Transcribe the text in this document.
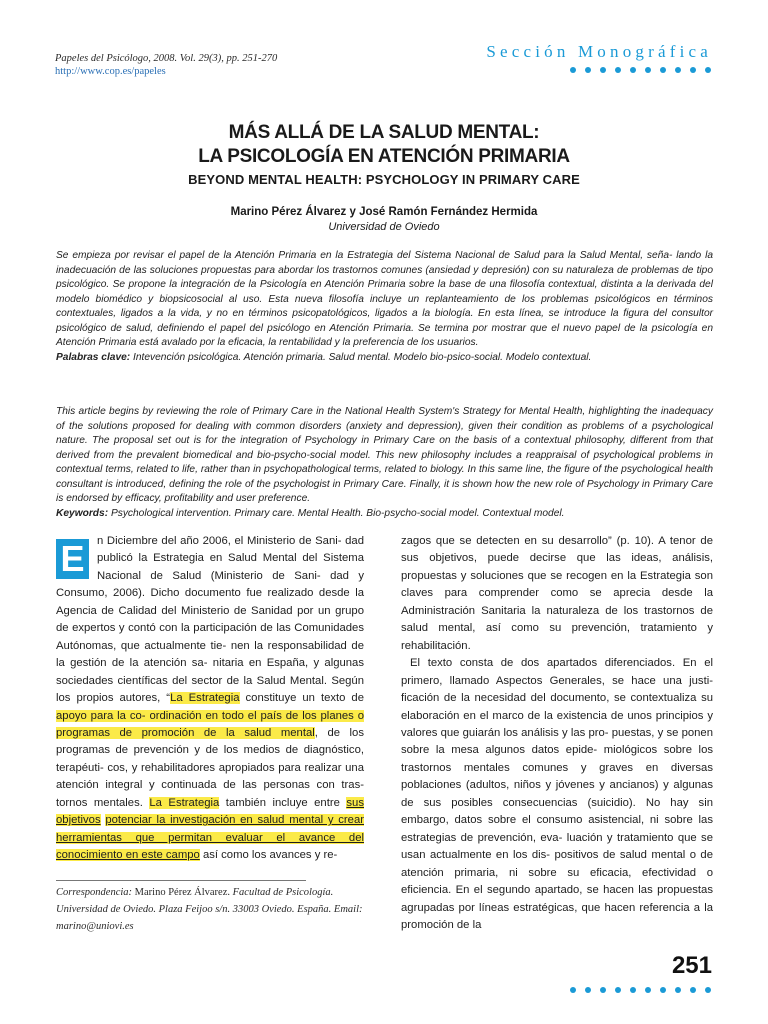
Papeles del Psicólogo, 2008. Vol. 29(3), pp. 251-270
http://www.cop.es/papeles
Sección Monográfica
MÁS ALLÁ DE LA SALUD MENTAL:
LA PSICOLOGÍA EN ATENCIÓN PRIMARIA
BEYOND MENTAL HEALTH: PSYCHOLOGY IN PRIMARY CARE
Marino Pérez Álvarez y José Ramón Fernández Hermida
Universidad de Oviedo
Se empieza por revisar el papel de la Atención Primaria en la Estrategia del Sistema Nacional de Salud para la Salud Mental, seña- lando la inadecuación de las soluciones propuestas para abordar los trastornos comunes (ansiedad y depresión) con su naturaleza de problemas de tipo psicológico. Se propone la integración de la Psicología en Atención Primaria sobre la base de una filosofía contextual, distinta a la derivada del modelo biomédico y biopsicosocial al uso. Esta nueva filosofía incluye un replanteamiento de los problemas psicológicos en términos contextuales, ligados a la vida, y no en términos psicopatológicos, ligados a la biología. En esta línea, se introduce la figura del consultor psicológico de salud, definiendo el papel del psicólogo en Atención Primaria. Se termina por mostrar que el nuevo papel de la psicología en Atención Primaria está avalado por la eficacia, la rentabilidad y la preferencia de los usuarios.
Palabras clave: Intevención psicológica. Atención primaria. Salud mental. Modelo bio-psico-social. Modelo contextual.
This article begins by reviewing the role of Primary Care in the National Health System's Strategy for Mental Health, highlighting the inadequacy of the solutions proposed for dealing with common disorders (anxiety and depression), given their condition as problems of a psychological nature. The proposal set out is for the integration of Psychology in Primary Care on the basis of a contextual philosophy, different from that derived from the prevalent biomedical and bio-psycho-social model. This new philosophy includes a reappraisal of psychological problems in contextual terms, related to life, rather than in psychopathological terms, related to biology. In this same line, the figure of the psychological health consultant is introduced, defining the role of the psychologist in Primary Care. Finally, it is shown how the new role of Psychology in Primary Care is endorsed by efficacy, profitability and user preference.
Keywords: Psychological intervention. Primary care. Mental Health. Bio-psycho-social model. Contextual model.
E	n Diciembre del año 2006, el Ministerio de Sani- dad publicó la Estrategia en Salud Mental del Sistema Nacional de Salud (Ministerio de Sani- dad y Consumo, 2006). Dicho documento fue realizado desde la Agencia de Calidad del Ministerio de Sanidad por un grupo de expertos y contó con la participación de las Comunidades Autónomas, que actualmente tie- nen la responsabilidad de la gestión de la atención sa- nitaria en España, y algunas sociedades científicas del sector de la Salud Mental. Según los propios autores, “La Estrategia constituye un texto de apoyo para la co- ordinación en todo el país de los planes o programas de promoción de la salud mental, de los programas de prevención y de los medios de diagnóstico, terapéuti- cos, y rehabilitadores apropiados para realizar una atención integral y continuada de las personas con tras- tornos mentales. La Estrategia también incluye entre sus objetivos potenciar la investigación en salud mental y crear herramientas que permitan evaluar el avance del conocimiento en este campo así como los avances y re-
zagos que se detecten en su desarrollo” (p. 10). A tenor de sus objetivos, puede decirse que las ideas, análisis, propuestas y soluciones que se recogen en la Estrategia son claves para comprender como se aprecia desde la Administración Sanitaria la naturaleza de los trastornos de salud mental, así como su prevención, tratamiento y rehabilitación.
El texto consta de dos apartados diferenciados. En el primero, llamado Aspectos Generales, se hace una justi- ficación de la necesidad del documento, se contextualiza su elaboración en el marco de la existencia de unos principios y valores que guiarán los análisis y las pro- puestas, y se ponen sobre la mesa algunos datos epide- miológicos sobre los trastornos mentales comunes y graves en diversas poblaciones (adultos, niños y jóvenes y ancianos) y algunas de sus posibles consecuencias (suicidio). No hay sin embargo, datos sobre el consumo asistencial, ni sobre las estrategias de prevención, eva- luación y tratamiento que se usan actualmente en los dis- positivos de salud mental o de atención primaria, ni sobre su eficacia, efectividad o eficiencia. En el segundo apartado, se hacen las propuestas agrupadas por líneas estratégicas, que hacen referencia a la promoción de la
Correspondencia: Marino Pérez Álvarez. Facultad de Psicología. Universidad de Oviedo. Plaza Feijoo s/n. 33003 Oviedo. España. Email: marino@uniovi.es
251
